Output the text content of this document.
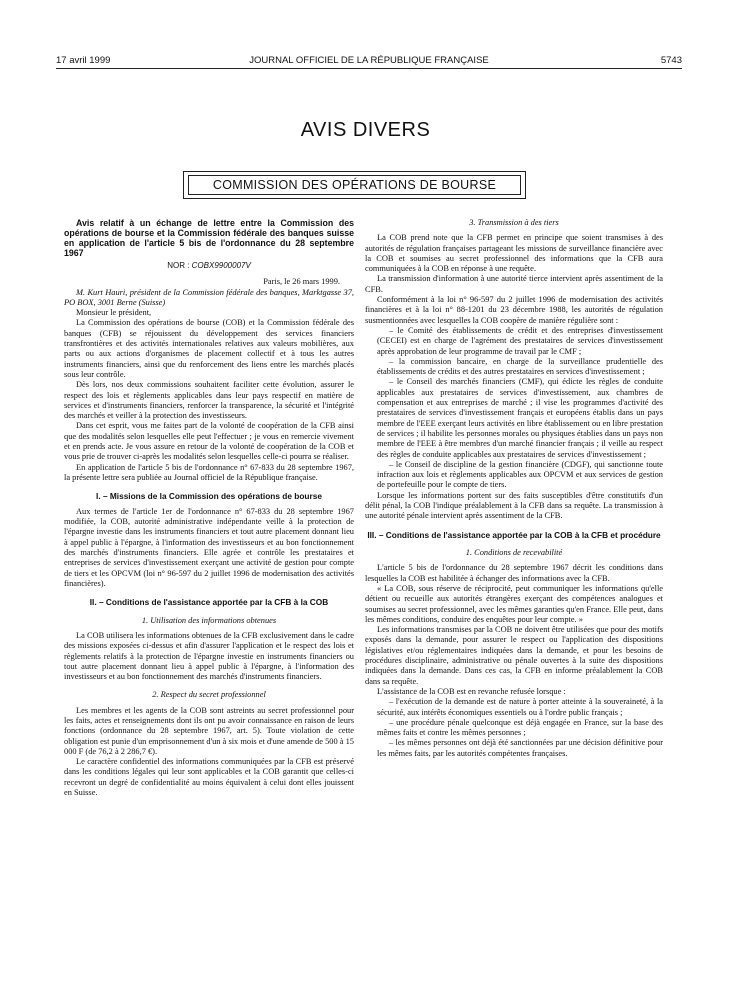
17 avril 1999	JOURNAL OFFICIEL DE LA RÉPUBLIQUE FRANÇAISE	5743
AVIS DIVERS
COMMISSION DES OPÉRATIONS DE BOURSE

Avis relatif à un échange de lettre entre la Commission des opérations de bourse et la Commission fédérale des banques suisse en application de l'article 5 bis de l'ordonnance du 28 septembre 1967

NOR : COBX9900007V

Paris, le 26 mars 1999.

M. Kurt Hauri, président de la Commission fédérale des banques, Marktgasse 37, PO BOX, 3001 Berne (Suisse)

Monsieur le président,

La Commission des opérations de bourse (COB) et la Commission fédérale des banques (CFB) se réjouissent du développement des services financiers transfrontières et des activités internationales relatives aux valeurs mobilières, aux parts ou aux actions d'organismes de placement collectif et à tous les autres instruments financiers, ainsi que du renforcement des liens entre les marchés placés sous leur contrôle.

Dès lors, nos deux commissions souhaitent faciliter cette évolution, assurer le respect des lois et règlements applicables dans leur pays respectif en matière de services et d'instruments financiers, renforcer la transparence, la sécurité et l'intégrité des marchés et veiller à la protection des investisseurs.

Dans cet esprit, vous me faites part de la volonté de coopération de la CFB ainsi que des modalités selon lesquelles elle peut l'effectuer ; je vous en remercie vivement et en prends acte. Je vous assure en retour de la volonté de coopération de la COB et vous prie de trouver ci-après les modalités selon lesquelles celle-ci pourra se réaliser.

En application de l'article 5 bis de l'ordonnance n° 67-833 du 28 septembre 1967, la présente lettre sera publiée au Journal officiel de la République française.

I. – Missions de la Commission des opérations de bourse

Aux termes de l'article 1er de l'ordonnance n° 67-833 du 28 septembre 1967 modifiée, la COB, autorité administrative indépendante veille à la protection de l'épargne investie dans les instruments financiers et tout autre placement donnant lieu à appel public à l'épargne, à l'information des investisseurs et au bon fonctionnement des marchés d'instruments financiers. Elle agrée et contrôle les prestataires et entreprises de services d'investissement exerçant une activité de gestion pour compte de tiers et les OPCVM (loi n° 96-597 du 2 juillet 1996 de modernisation des activités financières).

II. – Conditions de l'assistance apportée par la CFB à la COB
1. Utilisation des informations obtenues

La COB utilisera les informations obtenues de la CFB exclusivement dans le cadre des missions exposées ci-dessus et afin d'assurer l'application et le respect des lois et règlements relatifs à la protection de l'épargne investie en instruments financiers ou tout autre placement donnant lieu à appel public à l'épargne, à l'information des investisseurs et au bon fonctionnement des marchés d'instruments financiers.

2. Respect du secret professionnel

Les membres et les agents de la COB sont astreints au secret professionnel pour les faits, actes et renseignements dont ils ont pu avoir connaissance en raison de leurs fonctions (ordonnance du 28 septembre 1967, art. 5). Toute violation de cette obligation est punie d'un emprisonnement d'un à six mois et d'une amende de 500 à 15 000 F (de 76,2 à 2 286,7 €).

Le caractère confidentiel des informations communiquées par la CFB est préservé dans les conditions légales qui leur sont applicables et la COB garantit que celles-ci recevront un degré de confidentialité au moins équivalent à celui dont elles jouissent en Suisse.

3. Transmission à des tiers

La COB prend note que la CFB permet en principe que soient transmises à des autorités de régulation françaises partageant les missions de surveillance financière avec la COB et soumises au secret professionnel des informations que la CFB aura communiquées à la COB en réponse à une requête.

La transmission d'information à une autorité tierce intervient après assentiment de la CFB.

Conformément à la loi n° 96-597 du 2 juillet 1996 de modernisation des activités financières et à la loi n° 88-1201 du 23 décembre 1988, les autorités de régulation susmentionnées avec lesquelles la COB coopère de manière régulière sont :

– le Comité des établissements de crédit et des entreprises d'investissement (CECEI) est en charge de l'agrément des prestataires de services d'investissement après approbation de leur programme de travail par le CMF ;

– la commission bancaire, en charge de la surveillance prudentielle des établissements de crédits et des autres prestataires en services d'investissement ;

– le Conseil des marchés financiers (CMF), qui édicte les règles de conduite applicables aux prestataires de services d'investissement, aux chambres de compensation et aux entreprises de marché ; il vise les programmes d'activité des prestataires de services d'investissement français et européens établis dans un pays membre de l'EEE exerçant leurs activités en libre établissement ou en libre prestation de services ; il habilite les personnes morales ou physiques établies dans un pays non membre de l'EEE à être membres d'un marché financier français ; il veille au respect des règles de conduite applicables aux prestataires de services d'investissement ;

– le Conseil de discipline de la gestion financière (CDGF), qui sanctionne toute infraction aux lois et règlements applicables aux OPCVM et aux services de gestion de portefeuille pour le compte de tiers.

Lorsque les informations portent sur des faits susceptibles d'être constitutifs d'un délit pénal, la COB l'indique préalablement à la CFB dans sa requête. La transmission à une autorité pénale intervient après assentiment de la CFB.

III. – Conditions de l'assistance apportée par la COB à la CFB et procédure
1. Conditions de recevabilité

L'article 5 bis de l'ordonnance du 28 septembre 1967 décrit les conditions dans lesquelles la COB est habilitée à échanger des informations avec la CFB.

« La COB, sous réserve de réciprocité, peut communiquer les informations qu'elle détient ou recueille aux autorités étrangères exerçant des compétences analogues et soumises au secret professionnel, avec les mêmes garanties qu'en France. Elle peut, dans les mêmes conditions, conduire des enquêtes pour leur compte. »

Les informations transmises par la COB ne doivent être utilisées que pour des motifs exposés dans la demande, pour assurer le respect ou l'application des dispositions législatives et/ou réglementaires indiquées dans la demande, et pour les besoins de procédures disciplinaire, administrative ou pénale ouvertes à la suite des dispositions indiquées dans la demande. Dans ces cas, la CFB en informe préalablement la COB dans sa requête.

L'assistance de la COB est en revanche refusée lorsque :

– l'exécution de la demande est de nature à porter atteinte à la souveraineté, à la sécurité, aux intérêts économiques essentiels ou à l'ordre public français ;

– une procédure pénale quelconque est déjà engagée en France, sur la base des mêmes faits et contre les mêmes personnes ;

– les mêmes personnes ont déjà été sanctionnées par une décision définitive pour les mêmes faits, par les autorités compétentes françaises.
